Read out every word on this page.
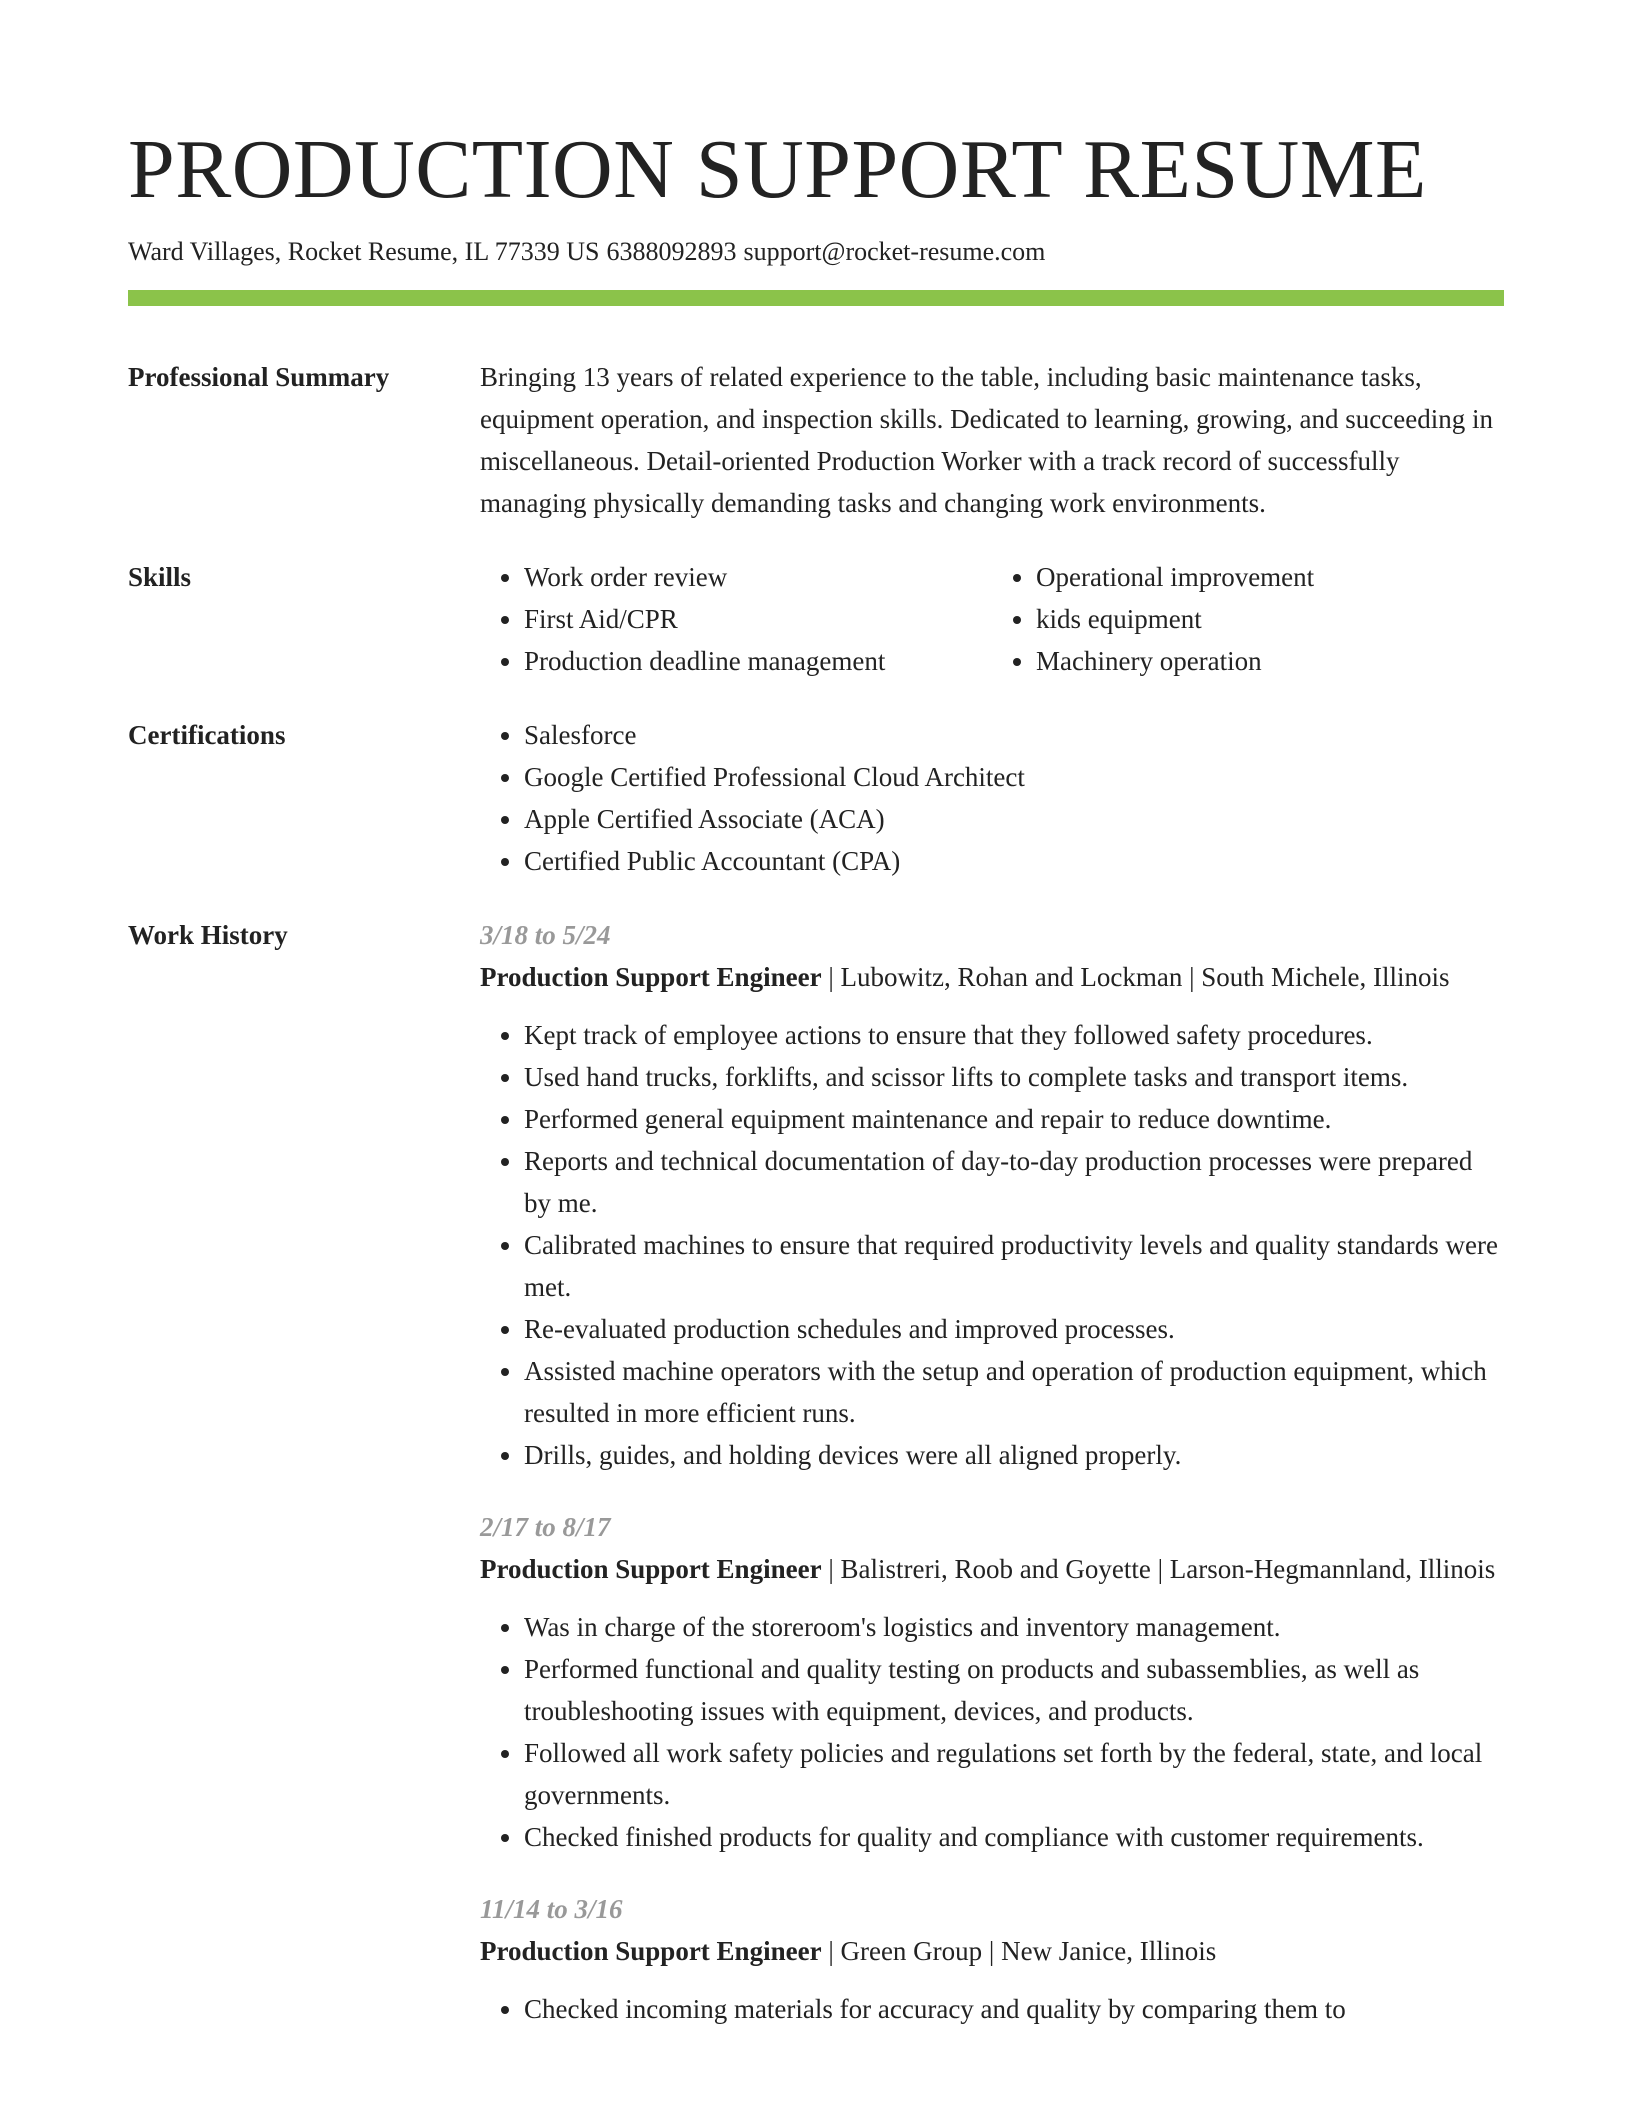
PRODUCTION SUPPORT RESUME
Ward Villages, Rocket Resume, IL 77339 US 6388092893 support@rocket-resume.com
Professional Summary	Bringing 13 years of related experience to the table, including basic maintenance tasks, equipment operation, and inspection skills. Dedicated to learning, growing, and succeeding in miscellaneous. Detail-oriented Production Worker with a track record of successfully managing physically demanding tasks and changing work environments.

Skills	• Work order review
• First Aid/CPR
• Production deadline management
• Operational improvement
• kids equipment
• Machinery operation
Certifications	• Salesforce
• Google Certified Professional Cloud Architect
• Apple Certified Associate (ACA)
• Certified Public Accountant (CPA)
Work History	3/18 to 5/24
Production Support Engineer | Lubowitz, Rohan and Lockman | South Michele, Illinois
• Kept track of employee actions to ensure that they followed safety procedures.
• Used hand trucks, forklifts, and scissor lifts to complete tasks and transport items.
• Performed general equipment maintenance and repair to reduce downtime.
• Reports and technical documentation of day-to-day production processes were prepared by me.
• Calibrated machines to ensure that required productivity levels and quality standards were met.
• Re-evaluated production schedules and improved processes.
• Assisted machine operators with the setup and operation of production equipment, which resulted in more efficient runs.
• Drills, guides, and holding devices were all aligned properly.
2/17 to 8/17
Production Support Engineer | Balistreri, Roob and Goyette | Larson-Hegmannland, Illinois
• Was in charge of the storeroom's logistics and inventory management.
• Performed functional and quality testing on products and subassemblies, as well as troubleshooting issues with equipment, devices, and products.
• Followed all work safety policies and regulations set forth by the federal, state, and local governments.
• Checked finished products for quality and compliance with customer requirements.
11/14 to 3/16
Production Support Engineer | Green Group | New Janice, Illinois
• Checked incoming materials for accuracy and quality by comparing them to
